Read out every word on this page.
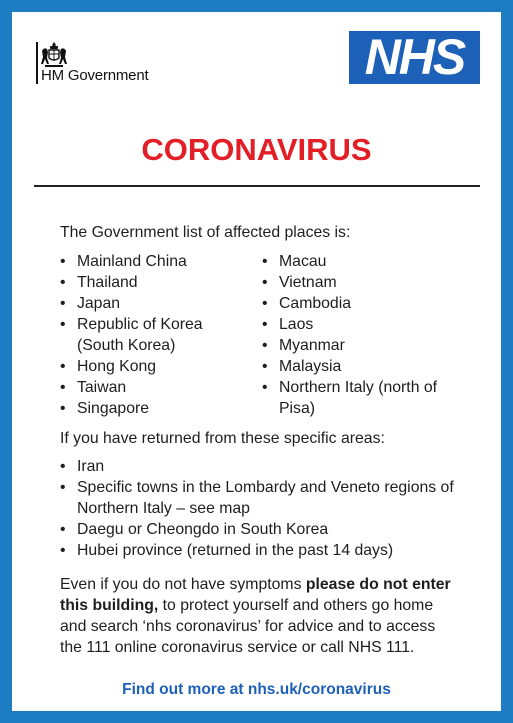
HM Government	NHS
CORONAVIRUS
The Government list of affected places is:
• Mainland China
• Thailand
• Japan
• Republic of Korea (South Korea)
• Hong Kong
• Taiwan
• Singapore
• Macau
• Vietnam
• Cambodia
• Laos
• Myanmar
• Malaysia
• Northern Italy (north of Pisa)
If you have returned from these specific areas:
• Iran
• Specific towns in the Lombardy and Veneto regions of Northern Italy – see map
• Daegu or Cheongdo in South Korea
• Hubei province (returned in the past 14 days)
Even if you do not have symptoms please do not enter this building, to protect yourself and others go home and search ‘nhs coronavirus’ for advice and to access the 111 online coronavirus service or call NHS 111.
Find out more at nhs.uk/coronavirus
